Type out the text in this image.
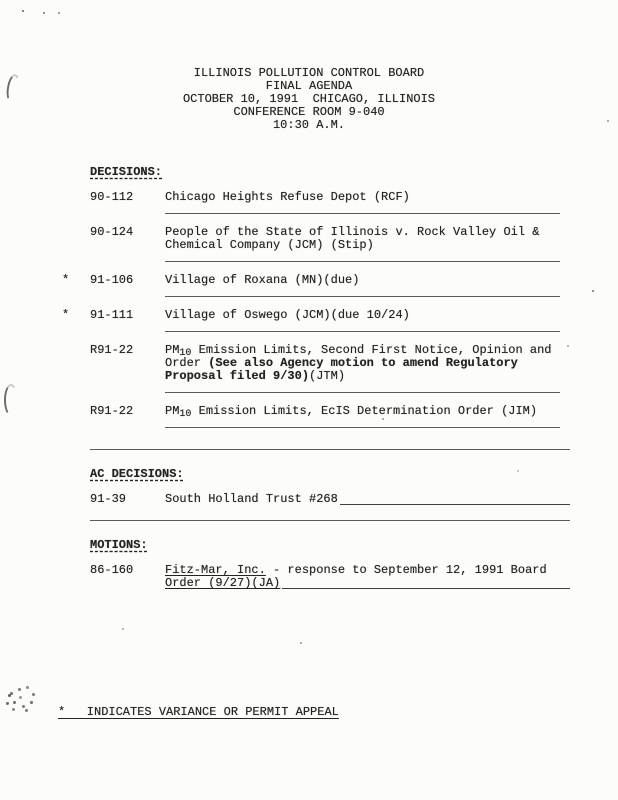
ILLINOIS POLLUTION CONTROL BOARD
FINAL AGENDA
OCTOBER 10, 1991  CHICAGO, ILLINOIS
CONFERENCE ROOM 9-040
10:30 A.M.
DECISIONS:
90-112	Chicago Heights Refuse Depot (RCF)
90-124	People of the State of Illinois v. Rock Valley Oil &
Chemical Company (JCM) (Stip)
*	91-106	Village of Roxana (MN)(due)
*	91-111	Village of Oswego (JCM)(due 10/24)
R91-22	PM 10 Emission Limits, Second First Notice, Opinion and
Order (See also Agency motion to amend Regulatory
Proposal filed 9/30) (JTM)
R91-22	PM 10 Emission Limits, EcIS Determination Order (JIM)
AC DECISIONS:
91-39	South Holland Trust #268
MOTIONS:
86-160	Fitz-Mar, Inc. - response to September 12, 1991 Board
Order (9/27)(JA)
*   INDICATES VARIANCE OR PERMIT APPEAL
